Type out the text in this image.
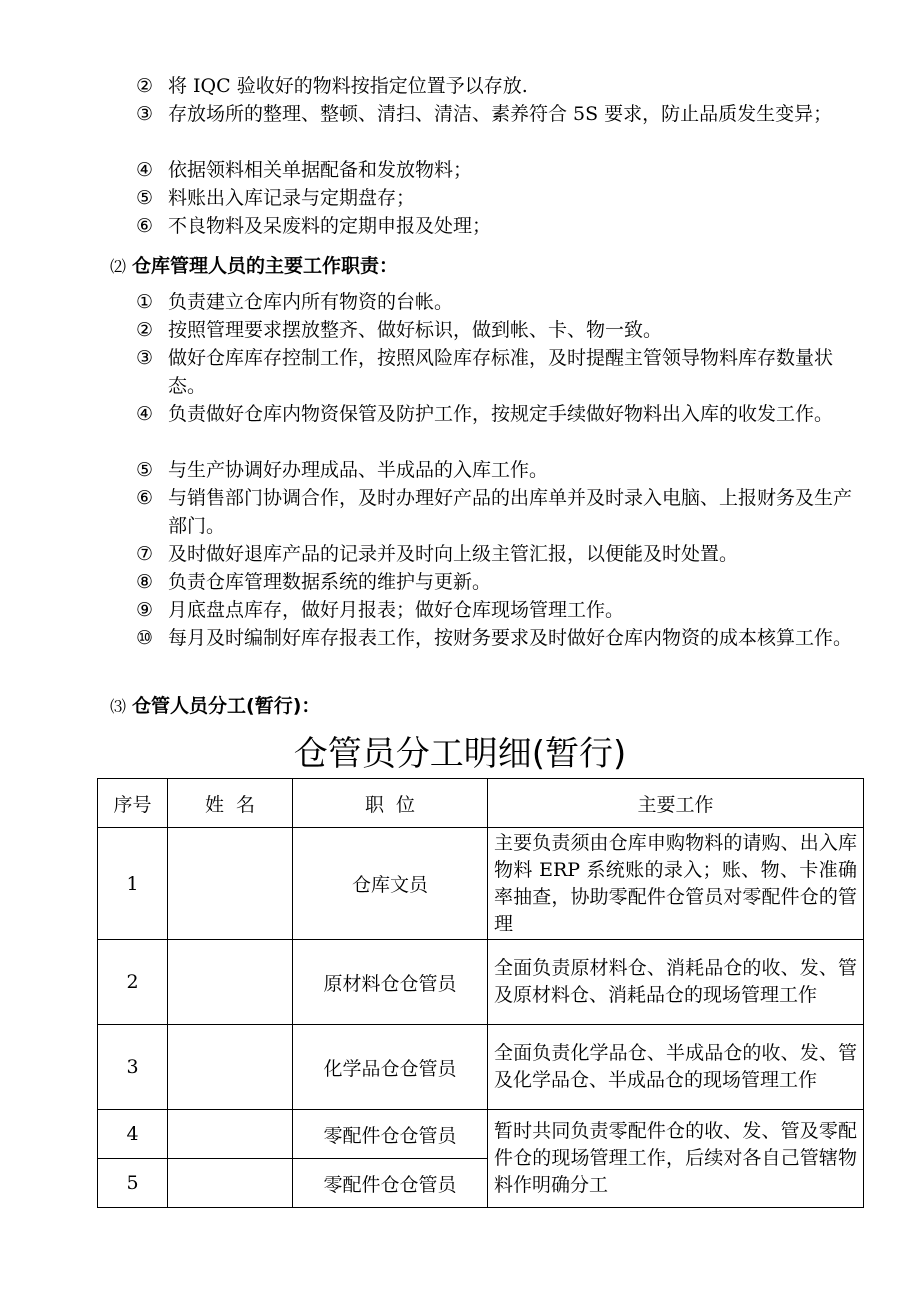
② 将 IQC 验收好的物料按指定位置予以存放.
③ 存放场所的整理、整顿、清扫、清洁、素养符合 5S 要求，防止品质发生变异；
④ 依据领料相关单据配备和发放物料；
⑤ 料账出入库记录与定期盘存；
⑥ 不良物料及呆废料的定期申报及处理；
⑵ 仓库管理人员的主要工作职责：
① 负责建立仓库内所有物资的台帐。
② 按照管理要求摆放整齐、做好标识，做到帐、卡、物一致。
③ 做好仓库库存控制工作，按照风险库存标准，及时提醒主管领导物料库存数量状态。
④ 负责做好仓库内物资保管及防护工作，按规定手续做好物料出入库的收发工作。
⑤ 与生产协调好办理成品、半成品的入库工作。
⑥ 与销售部门协调合作，及时办理好产品的出库单并及时录入电脑、上报财务及生产部门。
⑦ 及时做好退库产品的记录并及时向上级主管汇报，以便能及时处置。
⑧ 负责仓库管理数据系统的维护与更新。
⑨ 月底盘点库存，做好月报表；做好仓库现场管理工作。
⑩ 每月及时编制好库存报表工作，按财务要求及时做好仓库内物资的成本核算工作。
⑶ 仓管人员分工(暂行)：
仓管员分工明细(暂行)
序号	姓  名	职  位	主要工作
1		仓库文员	主要负责须由仓库申购物料的请购、出入库物料 ERP 系统账的录入；账、物、卡准确率抽查，协助零配件仓管员对零配件仓的管理
2		原材料仓仓管员	全面负责原材料仓、消耗品仓的收、发、管及原材料仓、消耗品仓的现场管理工作
3		化学品仓仓管员	全面负责化学品仓、半成品仓的收、发、管及化学品仓、半成品仓的现场管理工作
4		零配件仓仓管员	暂时共同负责零配件仓的收、发、管及零配件仓的现场管理工作，后续对各自己管辖物料作明确分工
5		零配件仓仓管员	
